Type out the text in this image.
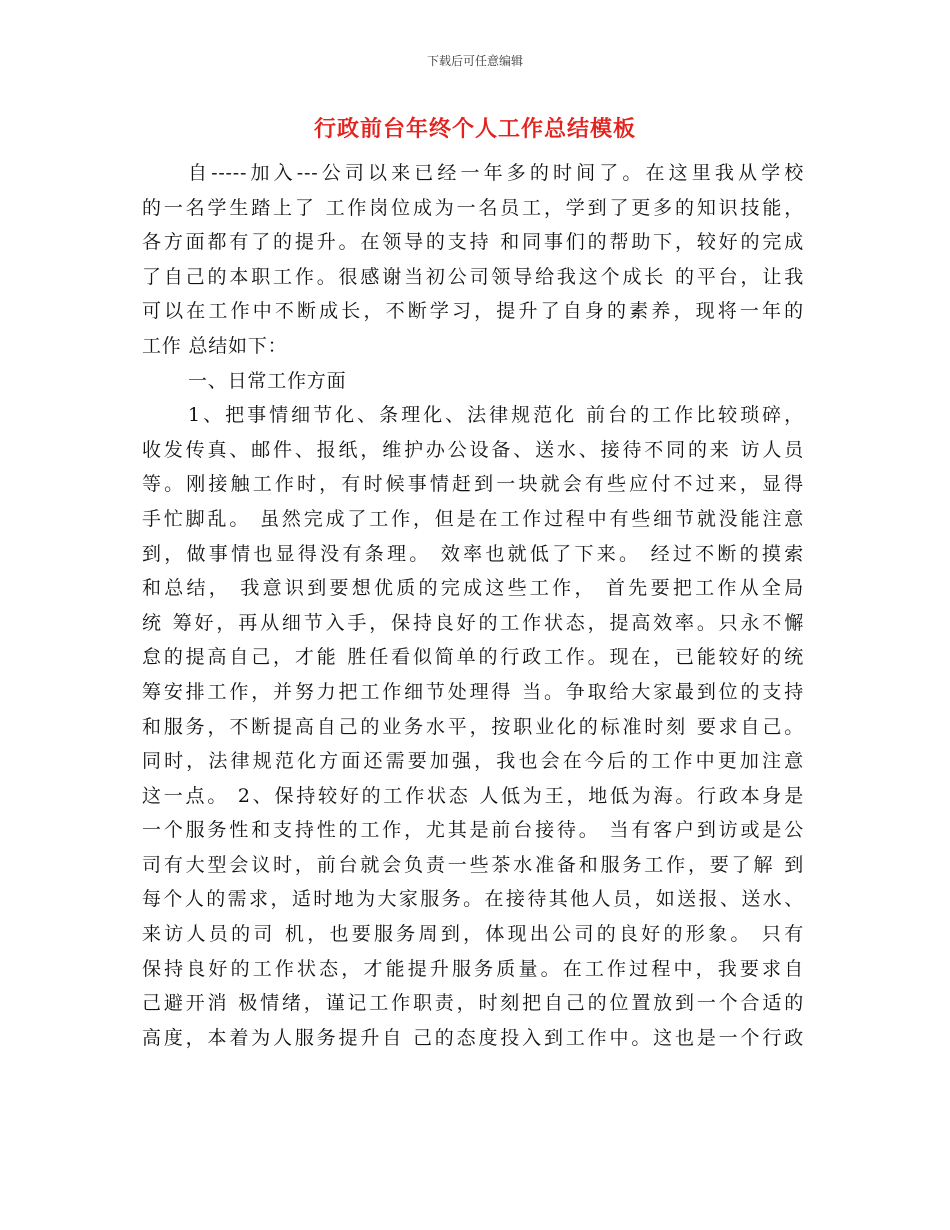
下载后可任意编辑

行政前台年终个人工作总结模板
自-----加入---公司以来已经一年多的时间了。在这里我从学校
的一名学生踏上了 工作岗位成为一名员工，学到了更多的知识技能，
各方面都有了的提升。在领导的支持 和同事们的帮助下，较好的完成
了自己的本职工作。很感谢当初公司领导给我这个成长 的平台，让我
可以在工作中不断成长，不断学习，提升了自身的素养，现将一年的
工作 总结如下：
一、日常工作方面
1、把事情细节化、条理化、法律规范化 前台的工作比较琐碎，
收发传真、邮件、报纸，维护办公设备、送水、接待不同的来 访人员
等。刚接触工作时，有时候事情赶到一块就会有些应付不过来，显得
手忙脚乱。 虽然完成了工作，但是在工作过程中有些细节就没能注意
到，做事情也显得没有条理。 效率也就低了下来。 经过不断的摸索
和总结， 我意识到要想优质的完成这些工作， 首先要把工作从全局
统 筹好，再从细节入手，保持良好的工作状态，提高效率。只永不懈
怠的提高自己，才能 胜任看似简单的行政工作。现在，已能较好的统
筹安排工作，并努力把工作细节处理得 当。争取给大家最到位的支持
和服务，不断提高自己的业务水平，按职业化的标准时刻 要求自己。
同时，法律规范化方面还需要加强，我也会在今后的工作中更加注意
这一点。 2、保持较好的工作状态 人低为王，地低为海。行政本身是
一个服务性和支持性的工作，尤其是前台接待。 当有客户到访或是公
司有大型会议时，前台就会负责一些茶水准备和服务工作，要了解 到
每个人的需求，适时地为大家服务。在接待其他人员，如送报、送水、
来访人员的司 机，也要服务周到，体现出公司的良好的形象。 只有
保持良好的工作状态，才能提升服务质量。在工作过程中，我要求自
己避开消 极情绪，谨记工作职责，时刻把自己的位置放到一个合适的
高度，本着为人服务提升自 己的态度投入到工作中。这也是一个行政
